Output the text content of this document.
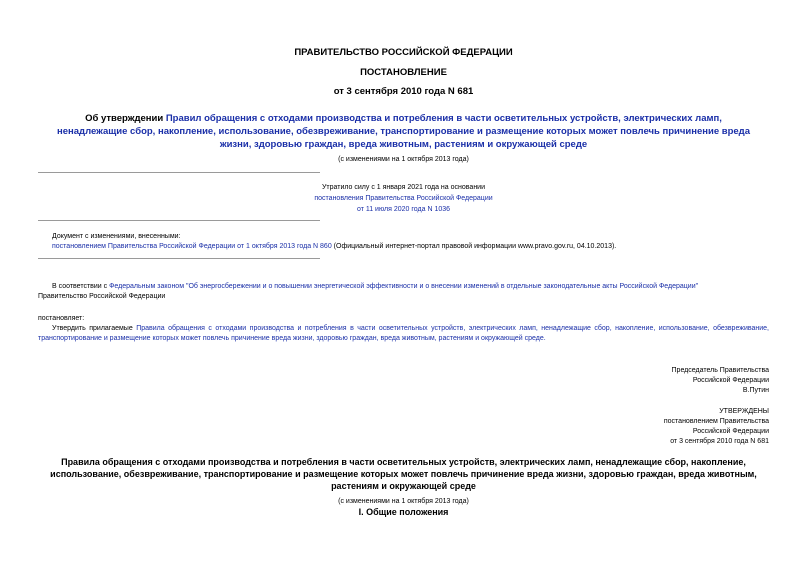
ПРАВИТЕЛЬСТВО РОССИЙСКОЙ ФЕДЕРАЦИИ
ПОСТАНОВЛЕНИЕ
от 3 сентября 2010 года N 681
Об утверждении Правил обращения с отходами производства и потребления в части осветительных устройств, электрических ламп, ненадлежащие сбор, накопление, использование, обезвреживание, транспортирование и размещение которых может повлечь причинение вреда жизни, здоровью граждан, вреда животным, растениям и окружающей среде
(с изменениями на 1 октября 2013 года)
Утратило силу с 1 января 2021 года на основании
постановления Правительства Российской Федерации
от 11 июля 2020 года N 1036
Документ с изменениями, внесенными:
постановлением Правительства Российской Федерации от 1 октября 2013 года N 860 (Официальный интернет-портал правовой информации www.pravo.gov.ru, 04.10.2013).
В соответствии с Федеральным законом "Об энергосбережении и о повышении энергетической эффективности и о внесении изменений в отдельные законодательные акты Российской Федерации"
Правительство Российской Федерации
постановляет:
Утвердить прилагаемые Правила обращения с отходами производства и потребления в части осветительных устройств, электрических ламп, ненадлежащие сбор, накопление, использование, обезвреживание, транспортирование и размещение которых может повлечь причинение вреда жизни, здоровью граждан, вреда животным, растениям и окружающей среде.
Председатель Правительства
Российской Федерации
В.Путин
УТВЕРЖДЕНЫ
постановлением Правительства
Российской Федерации
от 3 сентября 2010 года N 681
Правила обращения с отходами производства и потребления в части осветительных устройств, электрических ламп, ненадлежащие сбор, накопление, использование, обезвреживание, транспортирование и размещение которых может повлечь причинение вреда жизни, здоровью граждан, вреда животным, растениям и окружающей среде
(с изменениями на 1 октября 2013 года)
I. Общие положения
